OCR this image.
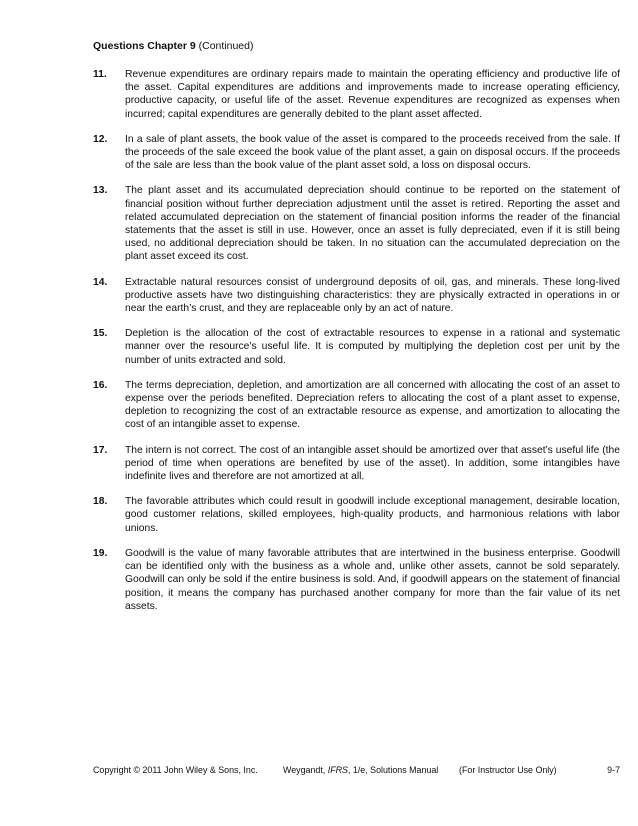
Questions Chapter 9 (Continued)
11.	Revenue expenditures are ordinary repairs made to maintain the operating efficiency and productive life of the asset. Capital expenditures are additions and improvements made to increase operating efficiency, productive capacity, or useful life of the asset. Revenue expenditures are recognized as expenses when incurred; capital expenditures are generally debited to the plant asset affected.
12.	In a sale of plant assets, the book value of the asset is compared to the proceeds received from the sale. If the proceeds of the sale exceed the book value of the plant asset, a gain on disposal occurs. If the proceeds of the sale are less than the book value of the plant asset sold, a loss on disposal occurs.
13.	The plant asset and its accumulated depreciation should continue to be reported on the statement of financial position without further depreciation adjustment until the asset is retired. Reporting the asset and related accumulated depreciation on the statement of financial position informs the reader of the financial statements that the asset is still in use. However, once an asset is fully depreciated, even if it is still being used, no additional depreciation should be taken. In no situation can the accumulated depreciation on the plant asset exceed its cost.
14.	Extractable natural resources consist of underground deposits of oil, gas, and minerals. These long-lived productive assets have two distinguishing characteristics: they are physically extracted in operations in or near the earth’s crust, and they are replaceable only by an act of nature.
15.	Depletion is the allocation of the cost of extractable resources to expense in a rational and systematic manner over the resource’s useful life. It is computed by multiplying the depletion cost per unit by the number of units extracted and sold.
16.	The terms depreciation, depletion, and amortization are all concerned with allocating the cost of an asset to expense over the periods benefited. Depreciation refers to allocating the cost of a plant asset to expense, depletion to recognizing the cost of an extractable resource as expense, and amortization to allocating the cost of an intangible asset to expense.
17.	The intern is not correct. The cost of an intangible asset should be amortized over that asset’s useful life (the period of time when operations are benefited by use of the asset). In addition, some intangibles have indefinite lives and therefore are not amortized at all.
18.	The favorable attributes which could result in goodwill include exceptional management, desirable location, good customer relations, skilled employees, high-quality products, and harmonious relations with labor unions.
19.	Goodwill is the value of many favorable attributes that are intertwined in the business enterprise. Goodwill can be identified only with the business as a whole and, unlike other assets, cannot be sold separately. Goodwill can only be sold if the entire business is sold. And, if goodwill appears on the statement of financial position, it means the company has purchased another company for more than the fair value of its net assets.
Copyright © 2011 John Wiley & Sons, Inc.	Weygandt, IFRS, 1/e, Solutions Manual (For Instructor Use Only)	9-7
